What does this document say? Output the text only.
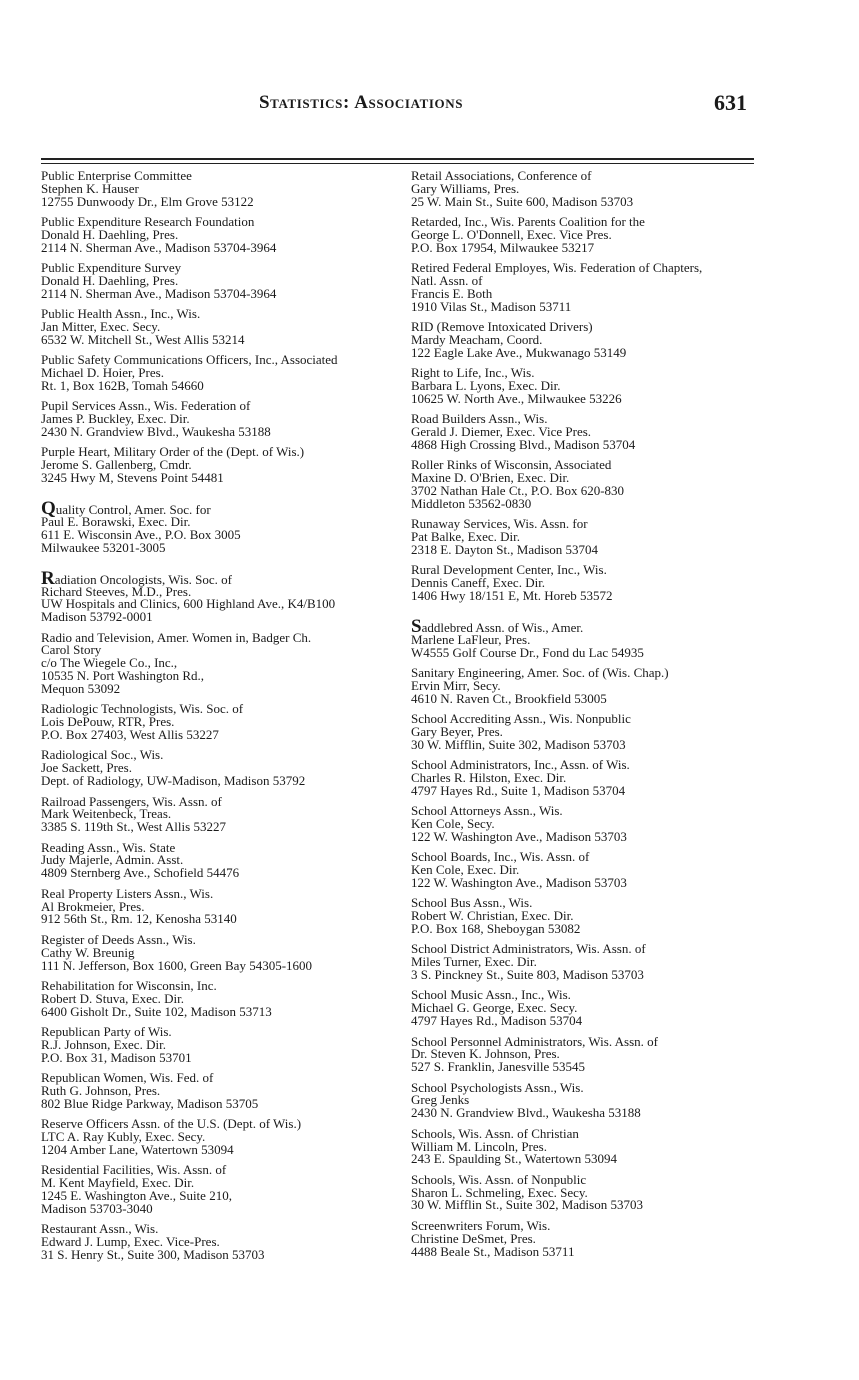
Statistics: Associations	631
Public Enterprise Committee
Stephen K. Hauser
12755 Dunwoody Dr., Elm Grove 53122
Public Expenditure Research Foundation
Donald H. Daehling, Pres.
2114 N. Sherman Ave., Madison 53704-3964
Public Expenditure Survey
Donald H. Daehling, Pres.
2114 N. Sherman Ave., Madison 53704-3964
Public Health Assn., Inc., Wis.
Jan Mitter, Exec. Secy.
6532 W. Mitchell St., West Allis 53214
Public Safety Communications Officers, Inc., Associated
Michael D. Hoier, Pres.
Rt. 1, Box 162B, Tomah 54660
Pupil Services Assn., Wis. Federation of
James P. Buckley, Exec. Dir.
2430 N. Grandview Blvd., Waukesha 53188
Purple Heart, Military Order of the (Dept. of Wis.)
Jerome S. Gallenberg, Cmdr.
3245 Hwy M, Stevens Point 54481
Quality Control, Amer. Soc. for
Paul E. Borawski, Exec. Dir.
611 E. Wisconsin Ave., P.O. Box 3005
Milwaukee 53201-3005
Radiation Oncologists, Wis. Soc. of
Richard Steeves, M.D., Pres.
UW Hospitals and Clinics, 600 Highland Ave., K4/B100
Madison 53792-0001
Radio and Television, Amer. Women in, Badger Ch.
Carol Story
c/o The Wiegele Co., Inc.,
10535 N. Port Washington Rd.,
Mequon 53092
Radiologic Technologists, Wis. Soc. of
Lois DePouw, RTR, Pres.
P.O. Box 27403, West Allis 53227
Radiological Soc., Wis.
Joe Sackett, Pres.
Dept. of Radiology, UW-Madison, Madison 53792
Railroad Passengers, Wis. Assn. of
Mark Weitenbeck, Treas.
3385 S. 119th St., West Allis 53227
Reading Assn., Wis. State
Judy Majerle, Admin. Asst.
4809 Sternberg Ave., Schofield 54476
Real Property Listers Assn., Wis.
Al Brokmeier, Pres.
912 56th St., Rm. 12, Kenosha 53140
Register of Deeds Assn., Wis.
Cathy W. Breunig
111 N. Jefferson, Box 1600, Green Bay 54305-1600
Rehabilitation for Wisconsin, Inc.
Robert D. Stuva, Exec. Dir.
6400 Gisholt Dr., Suite 102, Madison 53713
Republican Party of Wis.
R.J. Johnson, Exec. Dir.
P.O. Box 31, Madison 53701
Republican Women, Wis. Fed. of
Ruth G. Johnson, Pres.
802 Blue Ridge Parkway, Madison 53705
Reserve Officers Assn. of the U.S. (Dept. of Wis.)
LTC A. Ray Kubly, Exec. Secy.
1204 Amber Lane, Watertown 53094
Residential Facilities, Wis. Assn. of
M. Kent Mayfield, Exec. Dir.
1245 E. Washington Ave., Suite 210,
Madison 53703-3040
Restaurant Assn., Wis.
Edward J. Lump, Exec. Vice-Pres.
31 S. Henry St., Suite 300, Madison 53703
Retail Associations, Conference of
Gary Williams, Pres.
25 W. Main St., Suite 600, Madison 53703
Retarded, Inc., Wis. Parents Coalition for the
George L. O'Donnell, Exec. Vice Pres.
P.O. Box 17954, Milwaukee 53217
Retired Federal Employes, Wis. Federation of Chapters,
Natl. Assn. of
Francis E. Both
1910 Vilas St., Madison 53711
RID (Remove Intoxicated Drivers)
Mardy Meacham, Coord.
122 Eagle Lake Ave., Mukwanago 53149
Right to Life, Inc., Wis.
Barbara L. Lyons, Exec. Dir.
10625 W. North Ave., Milwaukee 53226
Road Builders Assn., Wis.
Gerald J. Diemer, Exec. Vice Pres.
4868 High Crossing Blvd., Madison 53704
Roller Rinks of Wisconsin, Associated
Maxine D. O'Brien, Exec. Dir.
3702 Nathan Hale Ct., P.O. Box 620-830
Middleton 53562-0830
Runaway Services, Wis. Assn. for
Pat Balke, Exec. Dir.
2318 E. Dayton St., Madison 53704
Rural Development Center, Inc., Wis.
Dennis Caneff, Exec. Dir.
1406 Hwy 18/151 E, Mt. Horeb 53572
Saddlebred Assn. of Wis., Amer.
Marlene LaFleur, Pres.
W4555 Golf Course Dr., Fond du Lac 54935
Sanitary Engineering, Amer. Soc. of (Wis. Chap.)
Ervin Mirr, Secy.
4610 N. Raven Ct., Brookfield 53005
School Accrediting Assn., Wis. Nonpublic
Gary Beyer, Pres.
30 W. Mifflin, Suite 302, Madison 53703
School Administrators, Inc., Assn. of Wis.
Charles R. Hilston, Exec. Dir.
4797 Hayes Rd., Suite 1, Madison 53704
School Attorneys Assn., Wis.
Ken Cole, Secy.
122 W. Washington Ave., Madison 53703
School Boards, Inc., Wis. Assn. of
Ken Cole, Exec. Dir.
122 W. Washington Ave., Madison 53703
School Bus Assn., Wis.
Robert W. Christian, Exec. Dir.
P.O. Box 168, Sheboygan 53082
School District Administrators, Wis. Assn. of
Miles Turner, Exec. Dir.
3 S. Pinckney St., Suite 803, Madison 53703
School Music Assn., Inc., Wis.
Michael G. George, Exec. Secy.
4797 Hayes Rd., Madison 53704
School Personnel Administrators, Wis. Assn. of
Dr. Steven K. Johnson, Pres.
527 S. Franklin, Janesville 53545
School Psychologists Assn., Wis.
Greg Jenks
2430 N. Grandview Blvd., Waukesha 53188
Schools, Wis. Assn. of Christian
William M. Lincoln, Pres.
243 E. Spaulding St., Watertown 53094
Schools, Wis. Assn. of Nonpublic
Sharon L. Schmeling, Exec. Secy.
30 W. Mifflin St., Suite 302, Madison 53703
Screenwriters Forum, Wis.
Christine DeSmet, Pres.
4488 Beale St., Madison 53711
